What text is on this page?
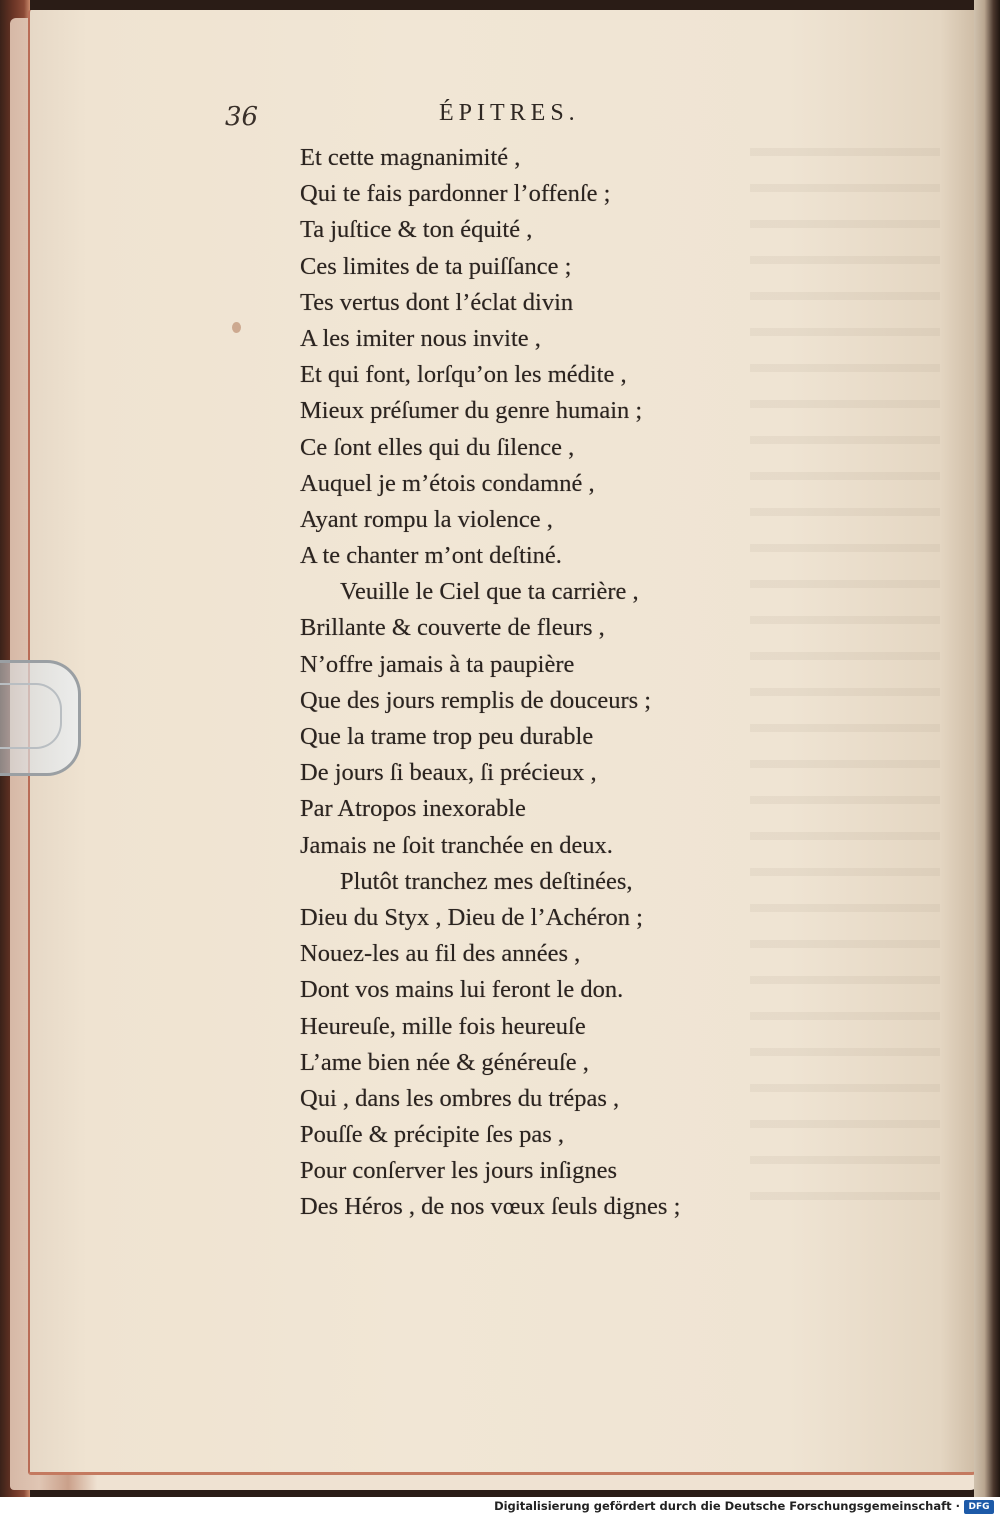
36	ÉPITRES.
Et cette magnanimité ,
Qui te fais pardonner l’offenſe ;
Ta juſtice & ton équité ,
Ces limites de ta puiſſance ;
Tes vertus dont l’éclat divin
A les imiter nous invite ,
Et qui font, lorſqu’on les médite ,
Mieux préſumer du genre humain ;
Ce ſont elles qui du ſilence ,
Auquel je m’étois condamné ,
Ayant rompu la violence ,
A te chanter m’ont deſtiné.
Veuille le Ciel que ta carrière ,
Brillante & couverte de fleurs ,
N’offre jamais à ta paupière
Que des jours remplis de douceurs ;
Que la trame trop peu durable
De jours ſi beaux, ſi précieux ,
Par Atropos inexorable
Jamais ne ſoit tranchée en deux.
Plutôt tranchez mes deſtinées,
Dieu du Styx , Dieu de l’Achéron ;
Nouez-les au fil des années ,
Dont vos mains lui feront le don.
Heureuſe, mille fois heureuſe
L’ame bien née & généreuſe ,
Qui , dans les ombres du trépas ,
Pouſſe & précipite ſes pas ,
Pour conſerver les jours inſignes
Des Héros , de nos vœux ſeuls dignes ;
Digitalisierung gefördert durch die Deutsche Forschungsgemeinschaft · DFG
